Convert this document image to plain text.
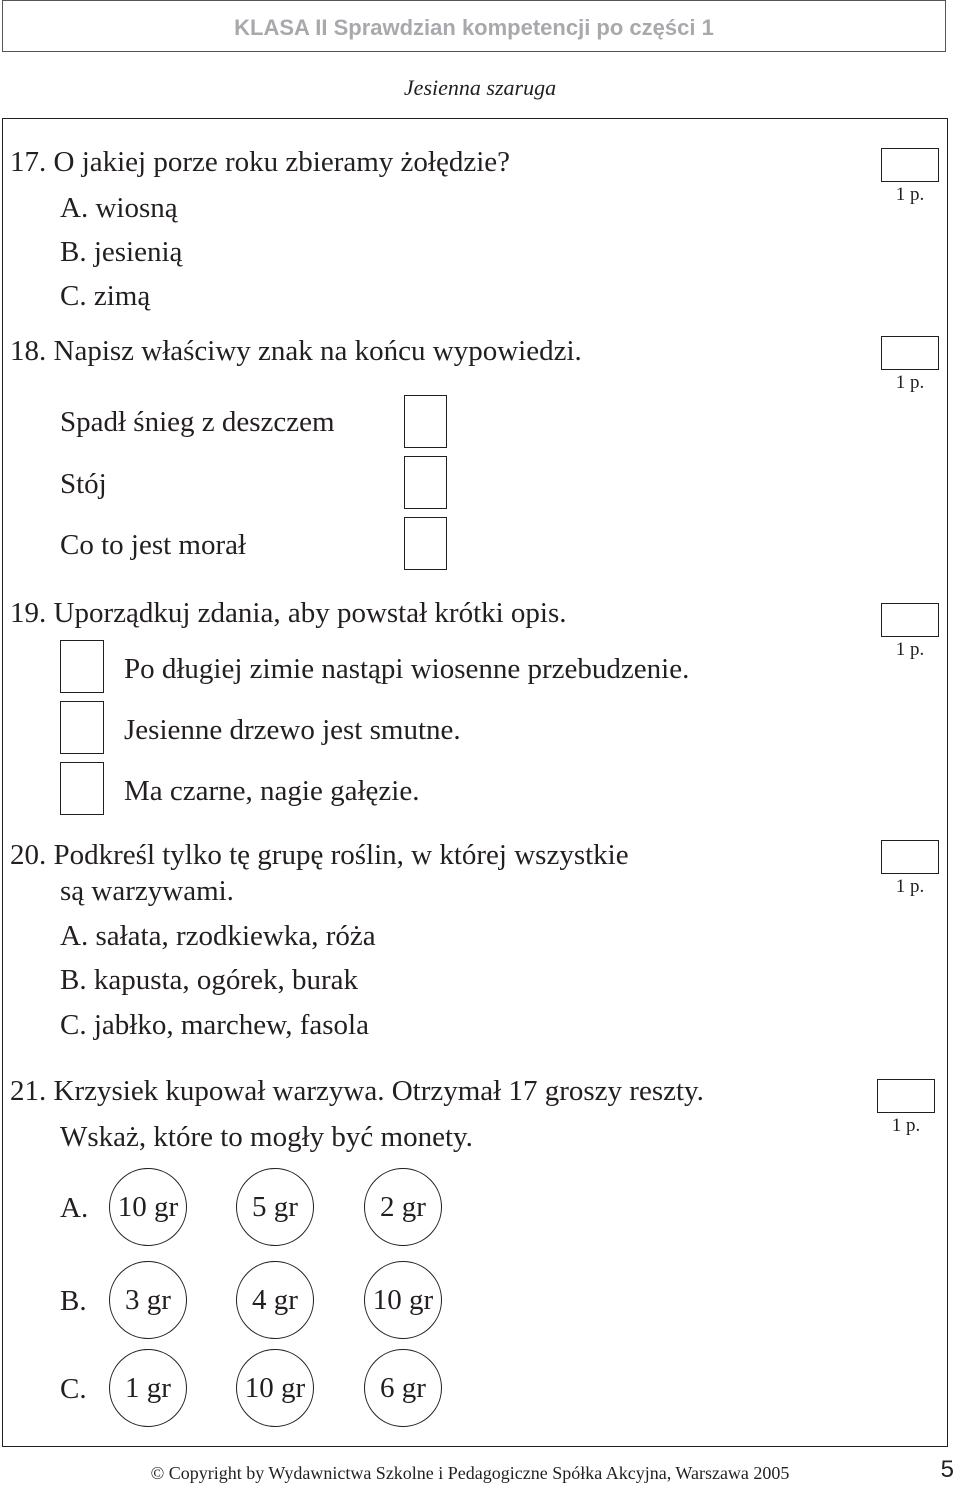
KLASA II Sprawdzian kompetencji po części 1
Jesienna szaruga
17. O jakiej porze roku zbieramy żołędzie?
A. wiosną
B. jesienią
C. zimą
1 p.
18. Napisz właściwy znak na końcu wypowiedzi.
Spadł śnieg z deszczem
Stój
Co to jest morał
1 p.
19. Uporządkuj zdania, aby powstał krótki opis.
Po długiej zimie nastąpi wiosenne przebudzenie.
Jesienne drzewo jest smutne.
Ma czarne, nagie gałęzie.
1 p.
20. Podkreśl tylko tę grupę roślin, w której wszystkie
są warzywami.
A. sałata, rzodkiewka, róża
B. kapusta, ogórek, burak
C. jabłko, marchew, fasola
1 p.
21. Krzysiek kupował warzywa. Otrzymał 17 groszy reszty.
Wskaż, które to mogły być monety.	1 p.
A.	10 gr	5 gr	2 gr
B.	3 gr	4 gr	10 gr
C.	1 gr	10 gr	6 gr
© Copyright by Wydawnictwa Szkolne i Pedagogiczne Spółka Akcyjna, Warszawa 2005	5
